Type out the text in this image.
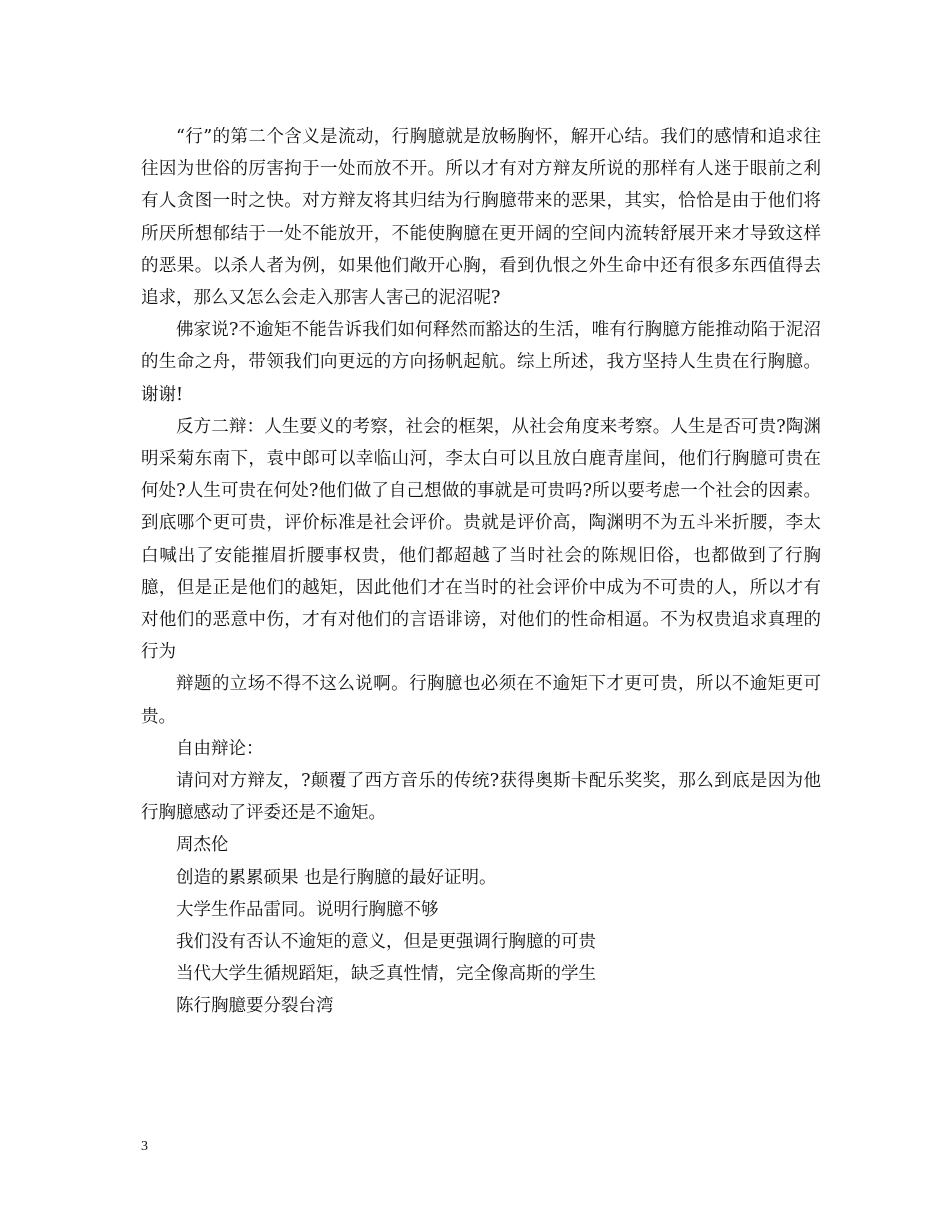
“行”的第二个含义是流动，行胸臆就是放畅胸怀，解开心结。我们的感情和追求往往因为世俗的厉害拘于一处而放不开。所以才有对方辩友所说的那样有人迷于眼前之利有人贪图一时之快。对方辩友将其归结为行胸臆带来的恶果，其实，恰恰是由于他们将所厌所想郁结于一处不能放开，不能使胸臆在更开阔的空间内流转舒展开来才导致这样的恶果。以杀人者为例，如果他们敞开心胸，看到仇恨之外生命中还有很多东西值得去追求，那么又怎么会走入那害人害己的泥沼呢?

佛家说?不逾矩不能告诉我们如何释然而豁达的生活，唯有行胸臆方能推动陷于泥沼的生命之舟，带领我们向更远的方向扬帆起航。综上所述，我方坚持人生贵在行胸臆。谢谢!

反方二辩：人生要义的考察，社会的框架，从社会角度来考察。人生是否可贵?陶渊明采菊东南下，袁中郎可以幸临山河，李太白可以且放白鹿青崖间，他们行胸臆可贵在何处?人生可贵在何处?他们做了自己想做的事就是可贵吗?所以要考虑一个社会的因素。到底哪个更可贵，评价标准是社会评价。贵就是评价高，陶渊明不为五斗米折腰，李太白喊出了安能摧眉折腰事权贵，他们都超越了当时社会的陈规旧俗，也都做到了行胸臆，但是正是他们的越矩，因此他们才在当时的社会评价中成为不可贵的人，所以才有对他们的恶意中伤，才有对他们的言语诽谤，对他们的性命相逼。不为权贵追求真理的行为

辩题的立场不得不这么说啊。行胸臆也必须在不逾矩下才更可贵，所以不逾矩更可贵。

自由辩论：

请问对方辩友，?颠覆了西方音乐的传统?获得奥斯卡配乐奖奖，那么到底是因为他行胸臆感动了评委还是不逾矩。

周杰伦

创造的累累硕果 也是行胸臆的最好证明。

大学生作品雷同。说明行胸臆不够

我们没有否认不逾矩的意义，但是更强调行胸臆的可贵

当代大学生循规蹈矩，缺乏真性情，完全像高斯的学生

陈行胸臆要分裂台湾

3
